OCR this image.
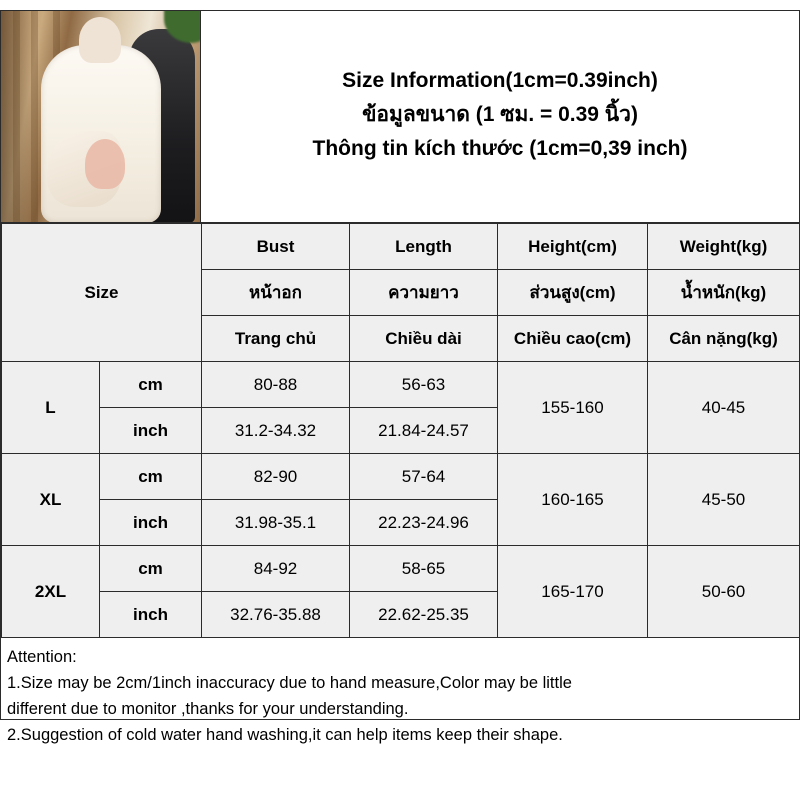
Size Information(1cm=0.39inch)
ข้อมูลขนาด (1 ซม. = 0.39 นิ้ว)
Thông tin kích thước (1cm=0,39 inch)
Size		Bust	Length	Height(cm)	Weight(kg)
		หน้าอก	ความยาว	ส่วนสูง(cm)	น้ำหนัก(kg)
		Trang chủ	Chiều dài	Chiều cao(cm)	Cân nặng(kg)
L	cm	80-88	56-63	155-160	40-45
	inch	31.2-34.32	21.84-24.57		
XL	cm	82-90	57-64	160-165	45-50
	inch	31.98-35.1	22.23-24.96		
2XL	cm	84-92	58-65	165-170	50-60
	inch	32.76-35.88	22.62-25.35		

Attention:

1.Size may be 2cm/1inch inaccuracy due to hand measure,Color may be little

different due to monitor ,thanks for your understanding.

2.Suggestion of cold water hand washing,it can help items keep their shape.
